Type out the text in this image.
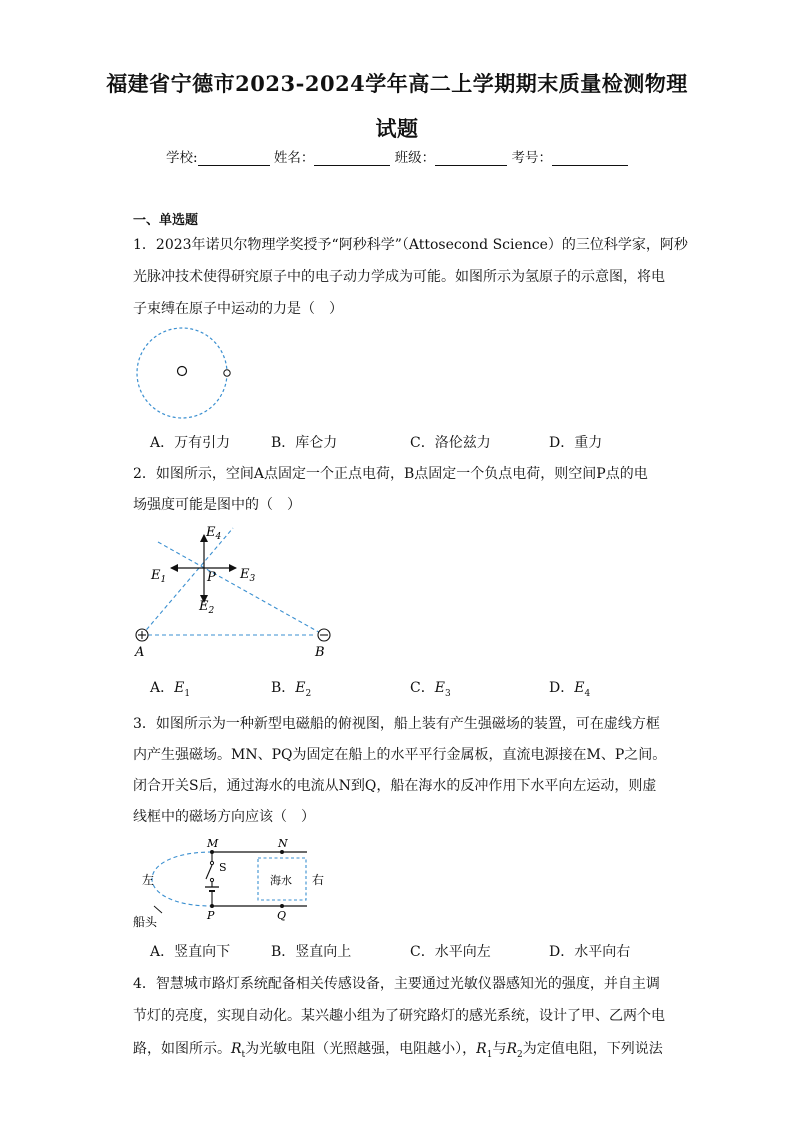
福建省宁德市2023-2024学年高二上学期期末质量检测物理
试题
学校:	姓名：	班级：	考号：
一、单选题
1．2023年诺贝尔物理学奖授予“阿秒科学”（Attosecond Science）的三位科学家，阿秒
光脉冲技术使得研究原子中的电子动力学成为可能。如图所示为氢原子的示意图，将电
子束缚在原子中运动的力是（　）
A．万有引力	B．库仑力	C．洛伦兹力	D．重力
2．如图所示，空间A点固定一个正点电荷，B点固定一个负点电荷，则空间P点的电
场强度可能是图中的（　）
$E_4$
$E_1$	$E_3$
$E_2$
P
A	B
A．$E_1$	B．$E_2$	C．$E_3$	D．$E_4$
3．如图所示为一种新型电磁船的俯视图，船上装有产生强磁场的装置，可在虚线方框
内产生强磁场。MN、PQ为固定在船上的水平平行金属板，直流电源接在M、P之间。
闭合开关S后，通过海水的电流从N到Q，船在海水的反冲作用下水平向左运动，则虚
线框中的磁场方向应该（　）
M	N
S
P	Q
左	右
海水
船头
A．竖直向下	B．竖直向上	C．水平向左	D．水平向右
4．智慧城市路灯系统配备相关传感设备，主要通过光敏仪器感知光的强度，并自主调
节灯的亮度，实现自动化。某兴趣小组为了研究路灯的感光系统，设计了甲、乙两个电
路，如图所示。$R_t$为光敏电阻（光照越强，电阻越小），$R_1$与$R_2$为定值电阻，下列说法
